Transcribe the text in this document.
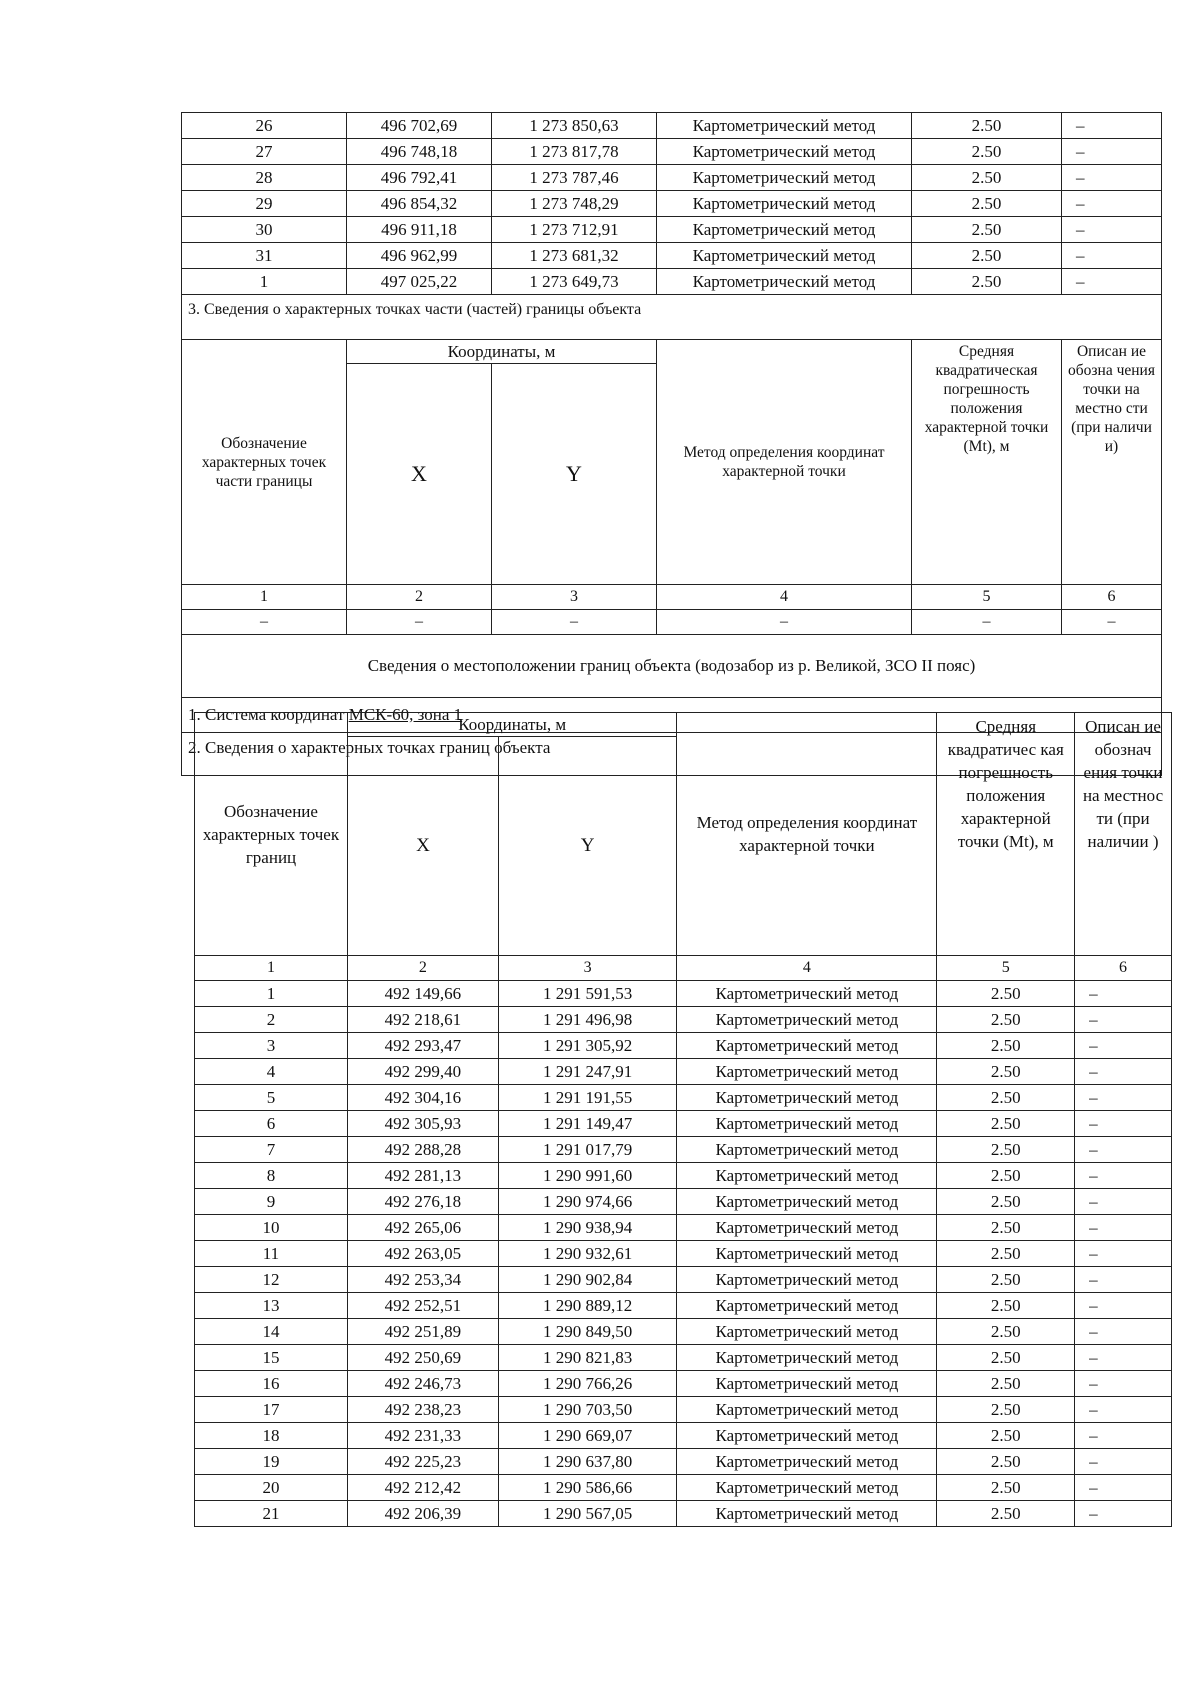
26	496 702,69	1 273 850,63	Картометрический метод	2.50	–
27	496 748,18	1 273 817,78	Картометрический метод	2.50	–
28	496 792,41	1 273 787,46	Картометрический метод	2.50	–
29	496 854,32	1 273 748,29	Картометрический метод	2.50	–
30	496 911,18	1 273 712,91	Картометрический метод	2.50	–
31	496 962,99	1 273 681,32	Картометрический метод	2.50	–
1	497 025,22	1 273 649,73	Картометрический метод	2.50	–
3. Сведения о характерных точках части (частей) границы объекта					
Обозначение характерных точек части границы	Координаты, м		Метод определения координат характерной точки	Средняя квадратическая погрешность положения характерной точки (Mt), м	Описан ие обозна чения точки на местно сти (при наличи и)
	X	Y			
1	2	3	4	5	6
–	–	–	–	–	–
Сведения о местоположении границ объекта (водозабор из р. Великой, ЗСО II пояс)					
1. Система координат МСК-60, зона 1					
2. Сведения о характерных точках границ объекта					
Обозначение характерных точек границ	Координаты, м		Метод определения координат характерной точки	Средняя квадратичес кая погрешность положения характерной точки (Mt), м	Описан ие обознач ения точки на местнос ти (при наличии )
	X	Y			
1	2	3	4	5	6
1	492 149,66	1 291 591,53	Картометрический метод	2.50	–
2	492 218,61	1 291 496,98	Картометрический метод	2.50	–
3	492 293,47	1 291 305,92	Картометрический метод	2.50	–
4	492 299,40	1 291 247,91	Картометрический метод	2.50	–
5	492 304,16	1 291 191,55	Картометрический метод	2.50	–
6	492 305,93	1 291 149,47	Картометрический метод	2.50	–
7	492 288,28	1 291 017,79	Картометрический метод	2.50	–
8	492 281,13	1 290 991,60	Картометрический метод	2.50	–
9	492 276,18	1 290 974,66	Картометрический метод	2.50	–
10	492 265,06	1 290 938,94	Картометрический метод	2.50	–
11	492 263,05	1 290 932,61	Картометрический метод	2.50	–
12	492 253,34	1 290 902,84	Картометрический метод	2.50	–
13	492 252,51	1 290 889,12	Картометрический метод	2.50	–
14	492 251,89	1 290 849,50	Картометрический метод	2.50	–
15	492 250,69	1 290 821,83	Картометрический метод	2.50	–
16	492 246,73	1 290 766,26	Картометрический метод	2.50	–
17	492 238,23	1 290 703,50	Картометрический метод	2.50	–
18	492 231,33	1 290 669,07	Картометрический метод	2.50	–
19	492 225,23	1 290 637,80	Картометрический метод	2.50	–
20	492 212,42	1 290 586,66	Картометрический метод	2.50	–
21	492 206,39	1 290 567,05	Картометрический метод	2.50	–
